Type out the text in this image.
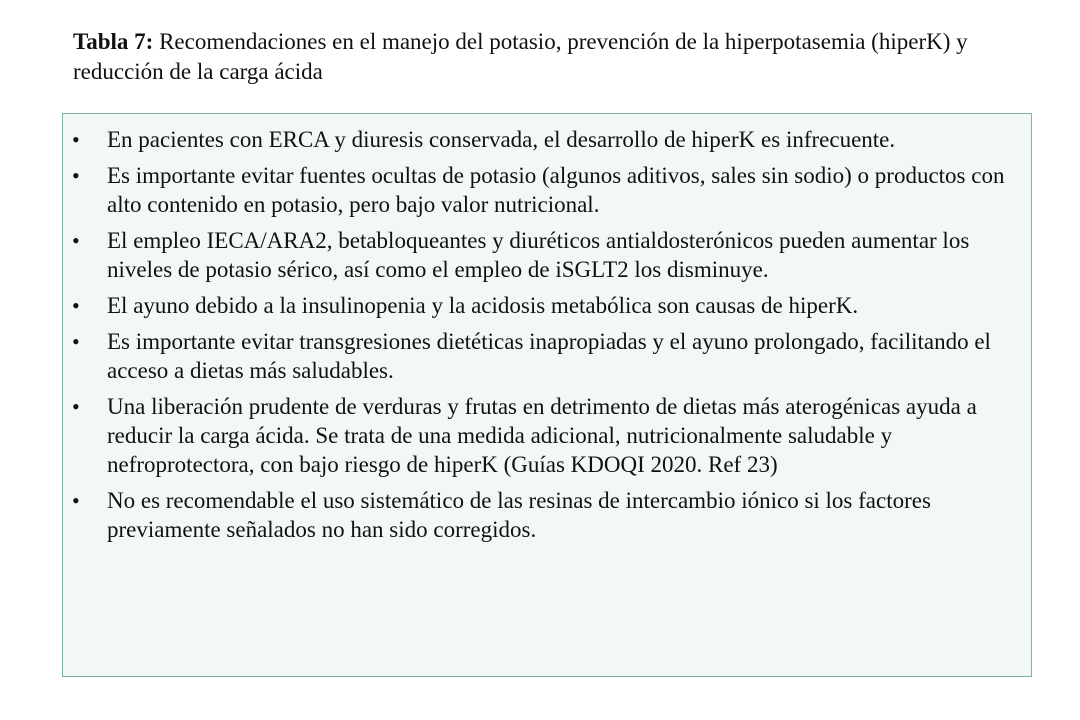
Tabla 7: Recomendaciones en el manejo del potasio, prevención de la hiperpotasemia (hiperK) y reducción de la carga ácida
• En pacientes con ERCA y diuresis conservada, el desarrollo de hiperK es infrecuente.
• Es importante evitar fuentes ocultas de potasio (algunos aditivos, sales sin sodio) o productos con alto contenido en potasio, pero bajo valor nutricional.
• El empleo IECA/ARA2, betabloqueantes y diuréticos antialdosterónicos pueden aumentar los niveles de potasio sérico, así como el empleo de iSGLT2 los disminuye.
• El ayuno debido a la insulinopenia y la acidosis metabólica son causas de hiperK.
• Es importante evitar transgresiones dietéticas inapropiadas y el ayuno prolongado, facilitando el acceso a dietas más saludables.
• Una liberación prudente de verduras y frutas en detrimento de dietas más aterogénicas ayuda a reducir la carga ácida. Se trata de una medida adicional, nutricionalmente saludable y nefroprotectora, con bajo riesgo de hiperK (Guías KDOQI 2020. Ref 23)
• No es recomendable el uso sistemático de las resinas de intercambio iónico si los factores previamente señalados no han sido corregidos.
